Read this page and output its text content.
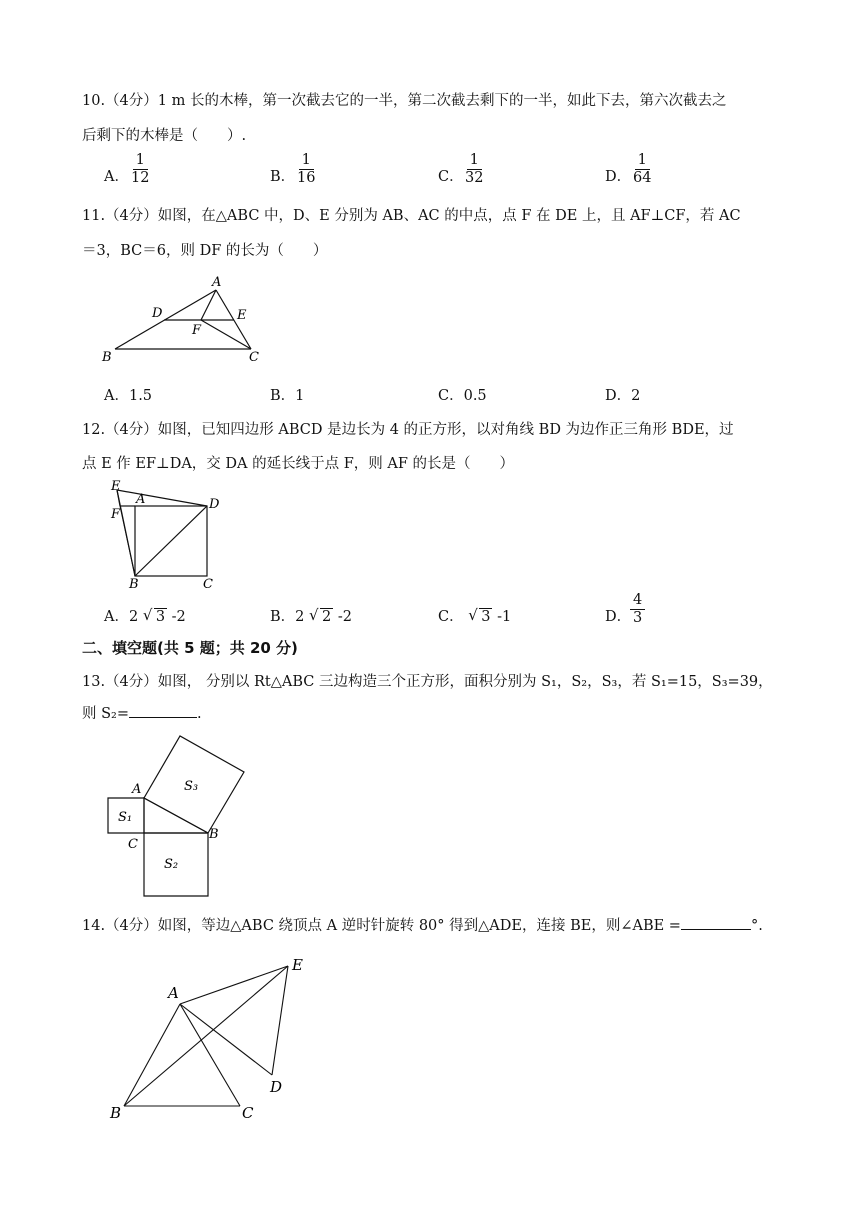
10.（4分）1 m 长的木棒，第一次截去它的一半，第二次截去剩下的一半，如此下去，第六次截去之
后剩下的木棒是（　　）.
A． $\frac{1}{12}$	B．
$\frac{1}{16}$	C．
$\frac{1}{32}$	D．
$\frac{1}{64}$
11.（4分）如图，在△ABC 中，D、E 分别为 AB、AC 的中点，点 F 在 DE 上，且 AF⊥CF，若 AC
＝3，BC＝6，则 DF 的长为（　　）
A
B	C
D	E
F
A．1.5	B．1	C．0.5	D．2
12.（4分）如图，已知四边形 ABCD 是边长为 4 的正方形，以对角线 BD 为边作正三角形 BDE，过
点 E 作 EF⊥DA，交 DA 的延长线于点 F，则 AF 的长是（　　）
E
A
F
D
B	C
A．2 √ 3 -2	B．2 √ 2 -2	C． √ 3 -1	D．
$\frac{4}{3}$
二、填空题(共 5 题；共 20 分)
13.（4分）如图， 分别以 Rt△ABC 三边构造三个正方形，面积分别为 S₁，S₂，S₃，若 S₁=15，S₃=39，
则 S₂=	.
A
B
C
S₁
S₂
S₃
14.（4分）如图，等边△ABC 绕顶点 A 逆时针旋转 80° 得到△ADE，连接 BE，则∠ABE =	°.
A
B	C
D
E
